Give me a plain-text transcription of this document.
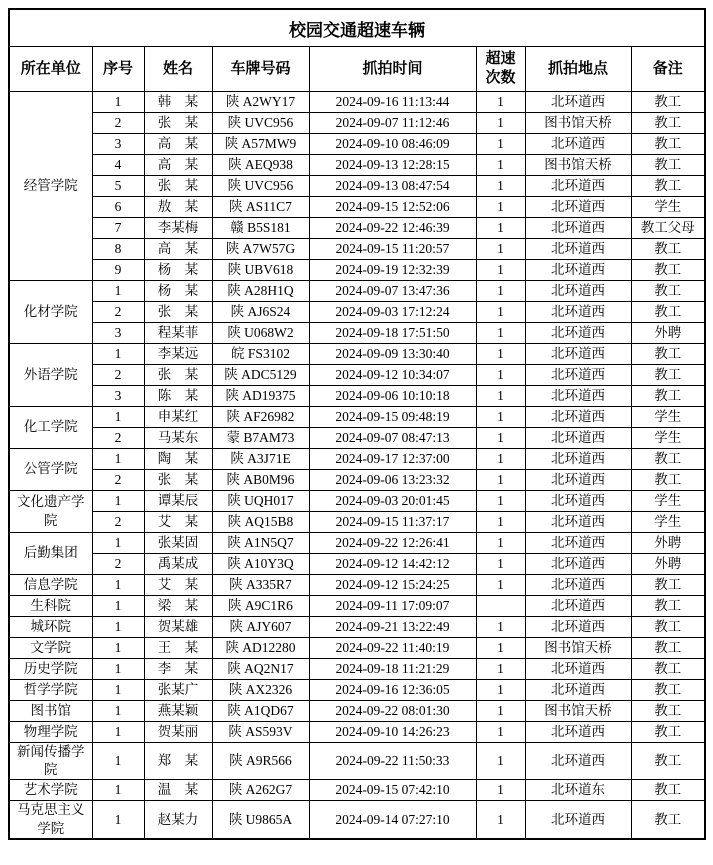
校园交通超速车辆							
所在单位	序号	姓名	车牌号码	抓拍时间	超速次数	抓拍地点	备注
经管学院	1	韩　某	陕 A2WY17	2024-09-16 11:13:44	1	北环道西	教工
	2	张　某	陕 UVC956	2024-09-07 11:12:46	1	图书馆天桥	教工
	3	高　某	陕 A57MW9	2024-09-10 08:46:09	1	北环道西	教工
	4	高　某	陕 AEQ938	2024-09-13 12:28:15	1	图书馆天桥	教工
	5	张　某	陕 UVC956	2024-09-13 08:47:54	1	北环道西	教工
	6	敖　某	陕 AS11C7	2024-09-15 12:52:06	1	北环道西	学生
	7	李某梅	赣 B5S181	2024-09-22 12:46:39	1	北环道西	教工父母
	8	高　某	陕 A7W57G	2024-09-15 11:20:57	1	北环道西	教工
	9	杨　某	陕 UBV618	2024-09-19 12:32:39	1	北环道西	教工
化材学院	1	杨　某	陕 A28H1Q	2024-09-07 13:47:36	1	北环道西	教工
	2	张　某	陕 AJ6S24	2024-09-03 17:12:24	1	北环道西	教工
	3	程某菲	陕 U068W2	2024-09-18 17:51:50	1	北环道西	外聘
外语学院	1	李某远	皖 FS3102	2024-09-09 13:30:40	1	北环道西	教工
	2	张　某	陕 ADC5129	2024-09-12 10:34:07	1	北环道西	教工
	3	陈　某	陕 AD19375	2024-09-06 10:10:18	1	北环道西	教工
化工学院	1	申某红	陕 AF26982	2024-09-15 09:48:19	1	北环道西	学生
	2	马某东	蒙 B7AM73	2024-09-07 08:47:13	1	北环道西	学生
公管学院	1	陶　某	陕 A3J71E	2024-09-17 12:37:00	1	北环道西	教工
	2	张　某	陕 AB0M96	2024-09-06 13:23:32	1	北环道西	教工
文化遗产学院	1	谭某辰	陕 UQH017	2024-09-03 20:01:45	1	北环道西	学生
	2	艾　某	陕 AQ15B8	2024-09-15 11:37:17	1	北环道西	学生
后勤集团	1	张某固	陕 A1N5Q7	2024-09-22 12:26:41	1	北环道西	外聘
	2	禹某成	陕 A10Y3Q	2024-09-12 14:42:12	1	北环道西	外聘
信息学院	1	艾　某	陕 A335R7	2024-09-12 15:24:25	1	北环道西	教工
生科院	1	梁　某	陕 A9C1R6	2024-09-11 17:09:07		北环道西	教工
城环院	1	贺某雄	陕 AJY607	2024-09-21 13:22:49	1	北环道西	教工
文学院	1	王　某	陕 AD12280	2024-09-22 11:40:19	1	图书馆天桥	教工
历史学院	1	李　某	陕 AQ2N17	2024-09-18 11:21:29	1	北环道西	教工
哲学学院	1	张某广	陕 AX2326	2024-09-16 12:36:05	1	北环道西	教工
图书馆	1	燕某颖	陕 A1QD67	2024-09-22 08:01:30	1	图书馆天桥	教工
物理学院	1	贺某丽	陕 AS593V	2024-09-10 14:26:23	1	北环道西	教工
新闻传播学院	1	郑　某	陕 A9R566	2024-09-22 11:50:33	1	北环道西	教工
艺术学院	1	温　某	陕 A262G7	2024-09-15 07:42:10	1	北环道东	教工
马克思主义学院	1	赵某力	陕 U9865A	2024-09-14 07:27:10	1	北环道西	教工
